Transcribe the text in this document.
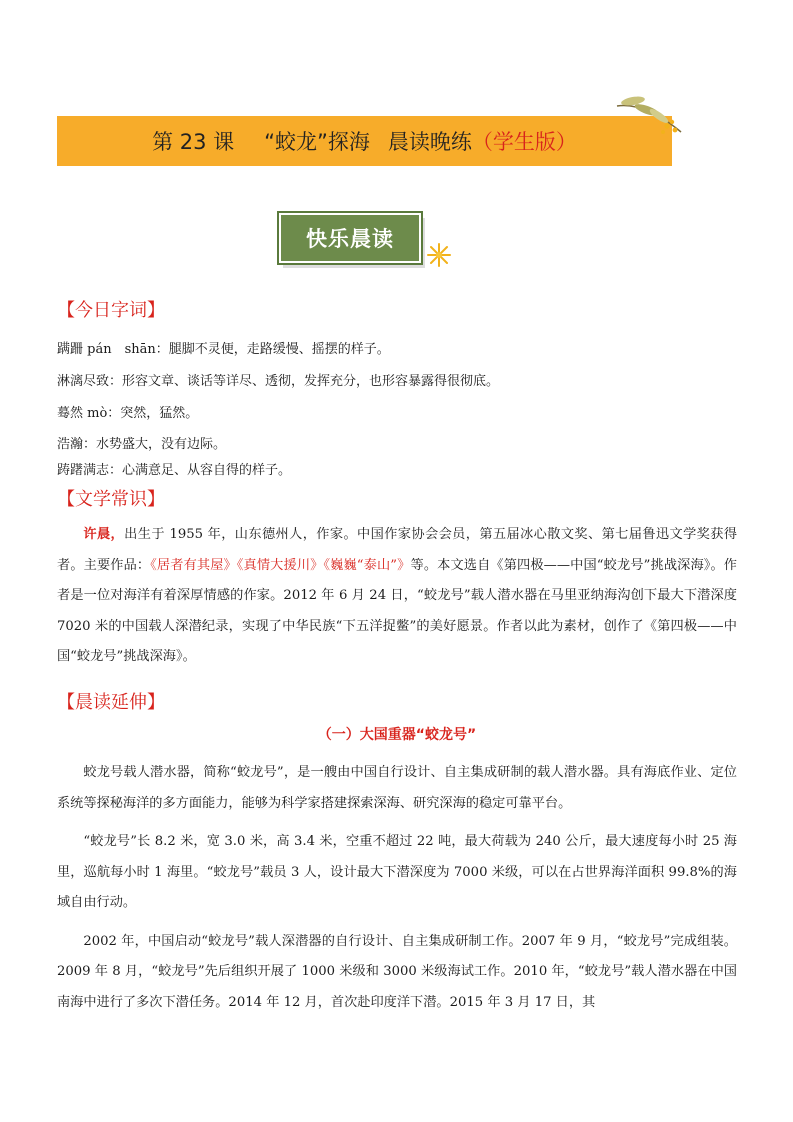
第 23 课 “蛟龙”探海 晨读晚练 （学生版）
快乐晨读
【今日字词】
蹒跚 pán　shān：腿脚不灵便，走路缓慢、摇摆的样子。
淋漓尽致：形容文章、谈话等详尽、透彻，发挥充分，也形容暴露得很彻底。
蓦然 mò：突然，猛然。
浩瀚：水势盛大，没有边际。
踌躇满志：心满意足、从容自得的样子。
【文学常识】

许晨，出生于 1955 年，山东德州人，作家。中国作家协会会员，第五届冰心散文奖、第七届鲁迅文学奖获得者。主要作品：《居者有其屋》《真情大援川》《巍巍“泰山”》等。本文选自《第四极——中国“蛟龙号”挑战深海》。作者是一位对海洋有着深厚情感的作家。2012 年 6 月 24 日，“蛟龙号”载人潜水器在马里亚纳海沟创下最大下潜深度 7020 米的中国载人深潜纪录，实现了中华民族“下五洋捉鳖”的美好愿景。作者以此为素材，创作了《第四极——中国“蛟龙号”挑战深海》。

【晨读延伸】
（一）大国重器“蛟龙号”

蛟龙号载人潜水器，简称“蛟龙号”，是一艘由中国自行设计、自主集成研制的载人潜水器。具有海底作业、定位系统等探秘海洋的多方面能力，能够为科学家搭建探索深海、研究深海的稳定可靠平台。

“蛟龙号”长 8.2 米，宽 3.0 米，高 3.4 米，空重不超过 22 吨，最大荷载为 240 公斤，最大速度每小时 25 海里，巡航每小时 1 海里。“蛟龙号”载员 3 人，设计最大下潜深度为 7000 米级，可以在占世界海洋面积 99.8%的海域自由行动。

2002 年，中国启动“蛟龙号”载人深潜器的自行设计、自主集成研制工作。2007 年 9 月，“蛟龙号”完成组装。2009 年 8 月，“蛟龙号”先后组织开展了 1000 米级和 3000 米级海试工作。2010 年，“蛟龙号”载人潜水器在中国南海中进行了多次下潜任务。2014 年 12 月，首次赴印度洋下潜。2015 年 3 月 17 日，其
